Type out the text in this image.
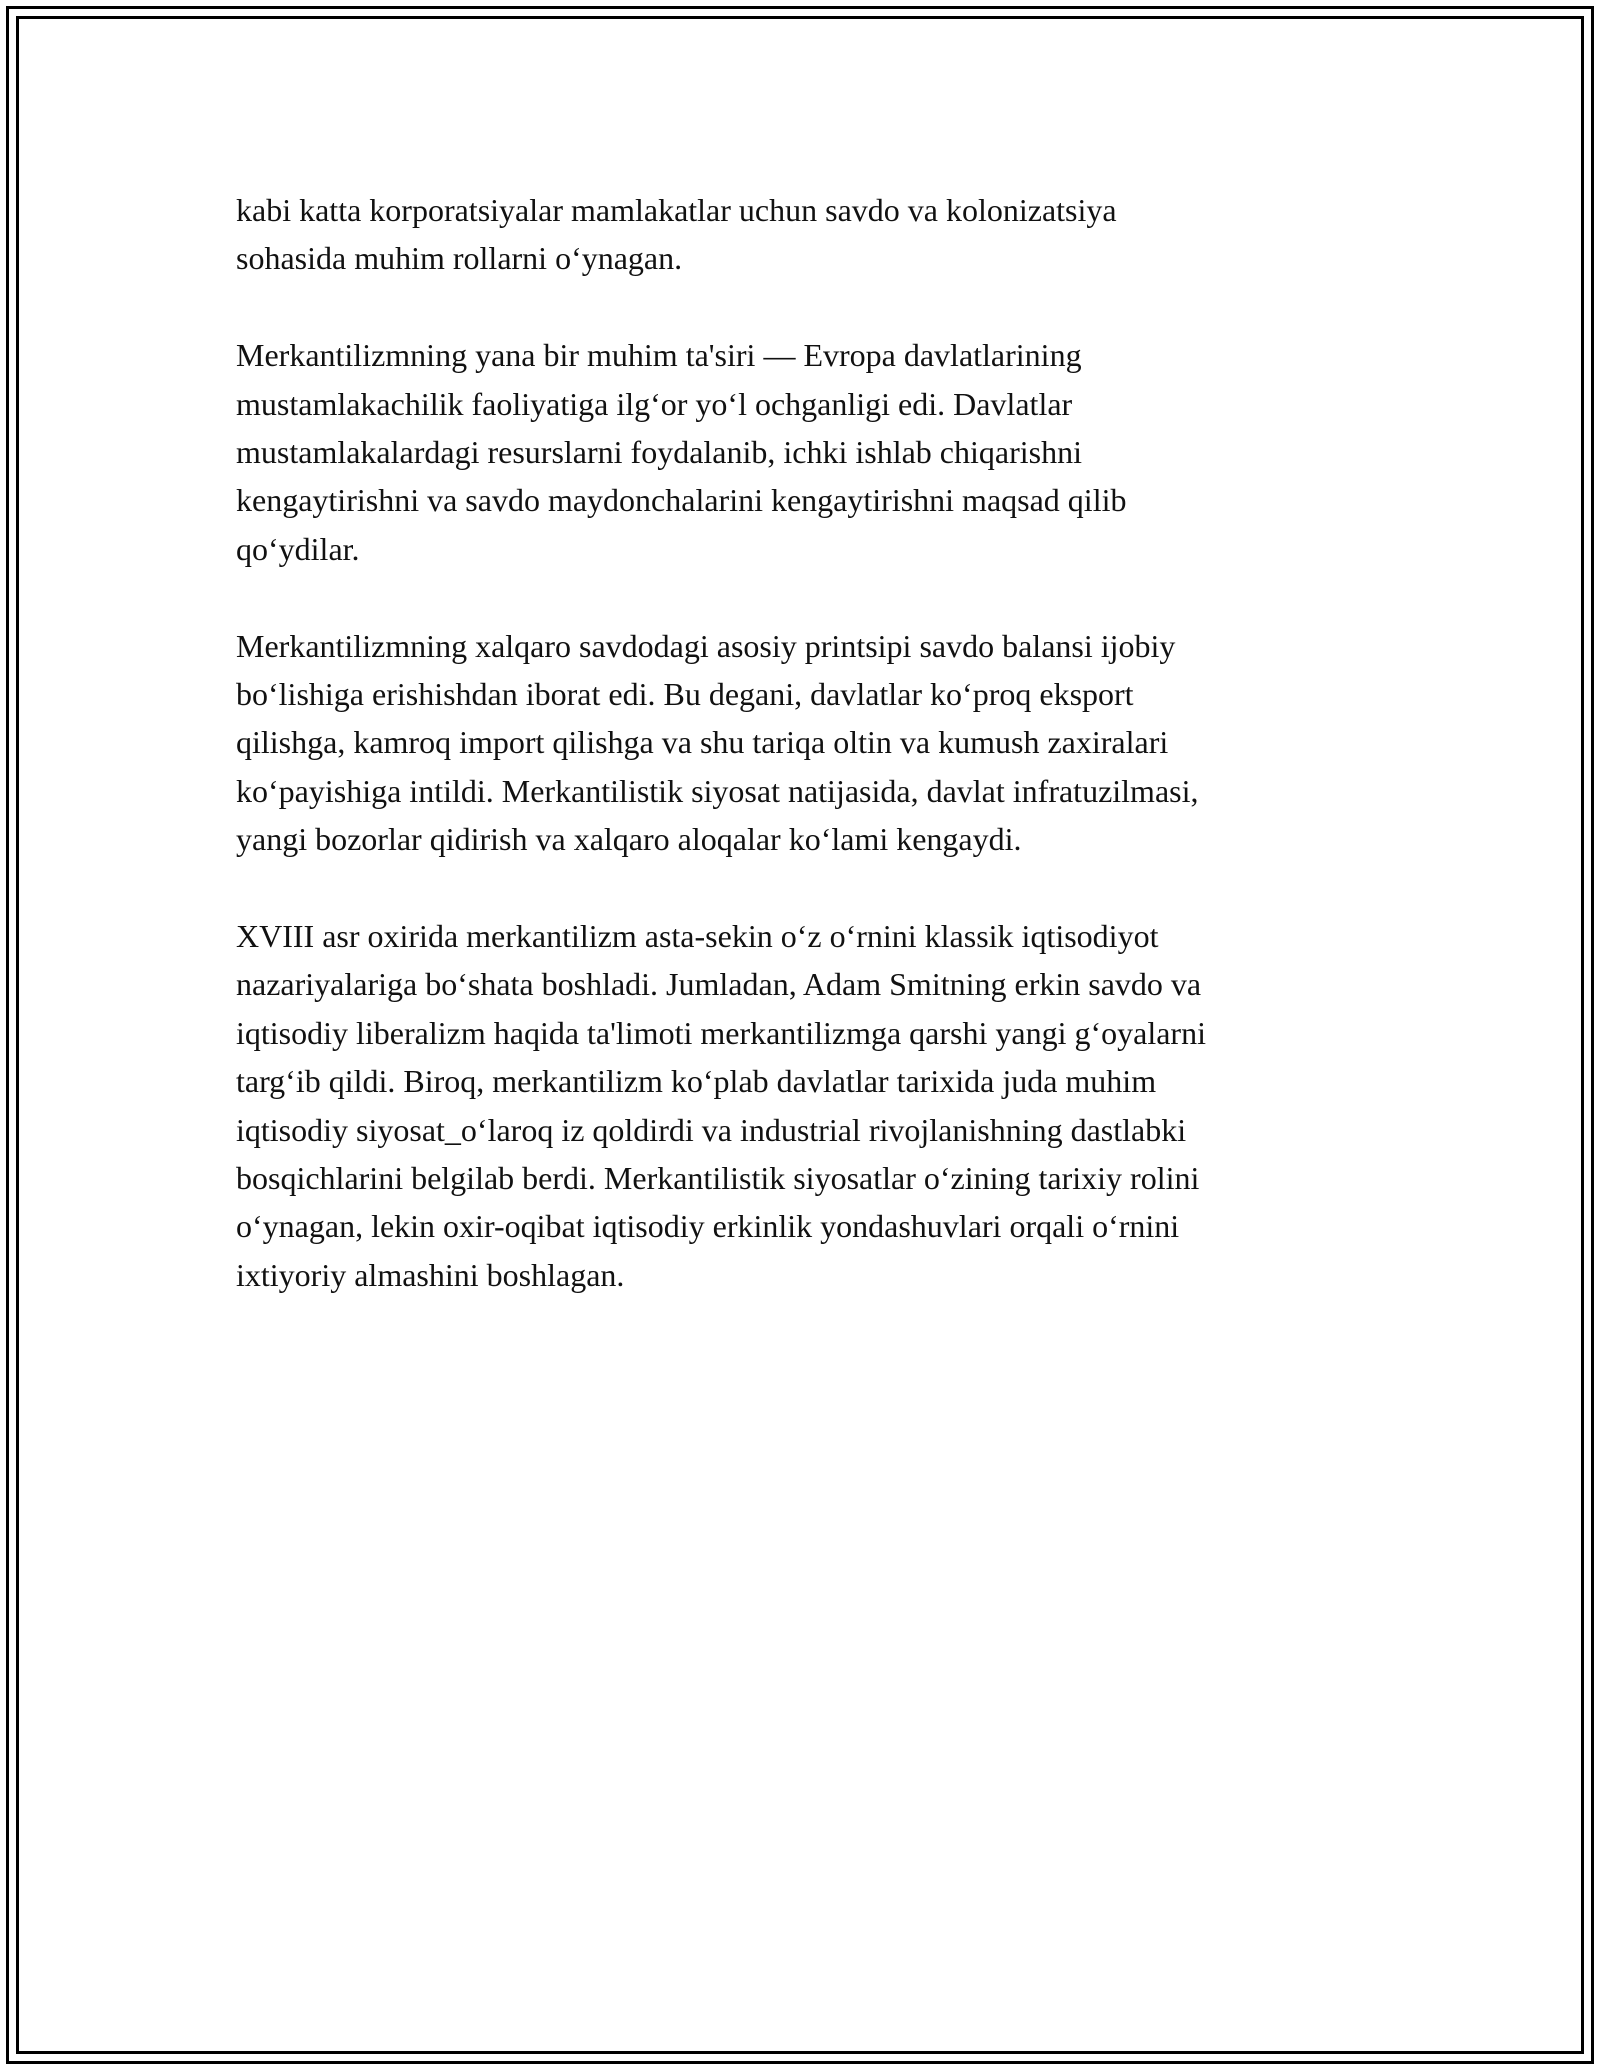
kabi katta korporatsiyalar mamlakatlar uchun savdo va kolonizatsiya
sohasida muhim rollarni o‘ynagan.

Merkantilizmning yana bir muhim ta'siri — Evropa davlatlarining
mustamlakachilik faoliyatiga ilg‘or yo‘l ochganligi edi. Davlatlar
mustamlakalardagi resurslarni foydalanib, ichki ishlab chiqarishni
kengaytirishni va savdo maydonchalarini kengaytirishni maqsad qilib
qo‘ydilar.

Merkantilizmning xalqaro savdodagi asosiy printsipi savdo balansi ijobiy
bo‘lishiga erishishdan iborat edi. Bu degani, davlatlar ko‘proq eksport
qilishga, kamroq import qilishga va shu tariqa oltin va kumush zaxiralari
ko‘payishiga intildi. Merkantilistik siyosat natijasida, davlat infratuzilmasi,
yangi bozorlar qidirish va xalqaro aloqalar ko‘lami kengaydi.

XVIII asr oxirida merkantilizm asta-sekin o‘z o‘rnini klassik iqtisodiyot
nazariyalariga bo‘shata boshladi. Jumladan, Adam Smitning erkin savdo va
iqtisodiy liberalizm haqida ta'limoti merkantilizmga qarshi yangi g‘oyalarni
targ‘ib qildi. Biroq, merkantilizm ko‘plab davlatlar tarixida juda muhim
iqtisodiy siyosat_o‘laroq iz qoldirdi va industrial rivojlanishning dastlabki
bosqichlarini belgilab berdi. Merkantilistik siyosatlar o‘zining tarixiy rolini
o‘ynagan, lekin oxir-oqibat iqtisodiy erkinlik yondashuvlari orqali o‘rnini
ixtiyoriy almashini boshlagan.
